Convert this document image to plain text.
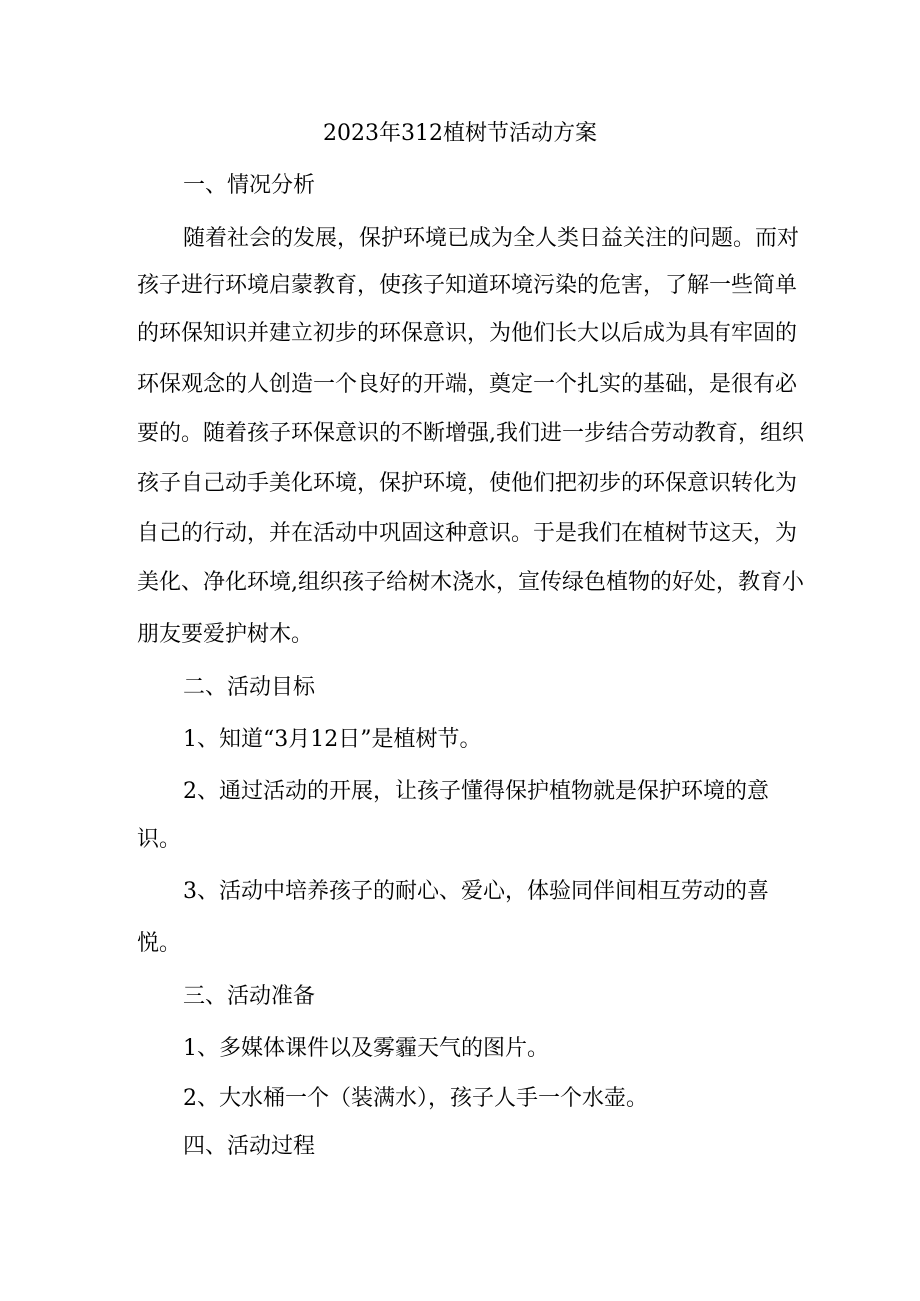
2023年312植树节活动方案
一、情况分析
随着社会的发展，保护环境已成为全人类日益关注的问题。而对
孩子进行环境启蒙教育，使孩子知道环境污染的危害，了解一些简单
的环保知识并建立初步的环保意识，为他们长大以后成为具有牢固的
环保观念的人创造一个良好的开端，奠定一个扎实的基础，是很有必
要的。随着孩子环保意识的不断增强,我们进一步结合劳动教育，组织
孩子自己动手美化环境，保护环境，使他们把初步的环保意识转化为
自己的行动，并在活动中巩固这种意识。于是我们在植树节这天，为
美化、净化环境,组织孩子给树木浇水，宣传绿色植物的好处，教育小
朋友要爱护树木。
二、活动目标
1、知道“3月12日”是植树节。
2、通过活动的开展，让孩子懂得保护植物就是保护环境的意
识。
3、活动中培养孩子的耐心、爱心，体验同伴间相互劳动的喜
悦。
三、活动准备
1、多媒体课件以及雾霾天气的图片。
2、大水桶一个（装满水），孩子人手一个水壶。
四、活动过程
